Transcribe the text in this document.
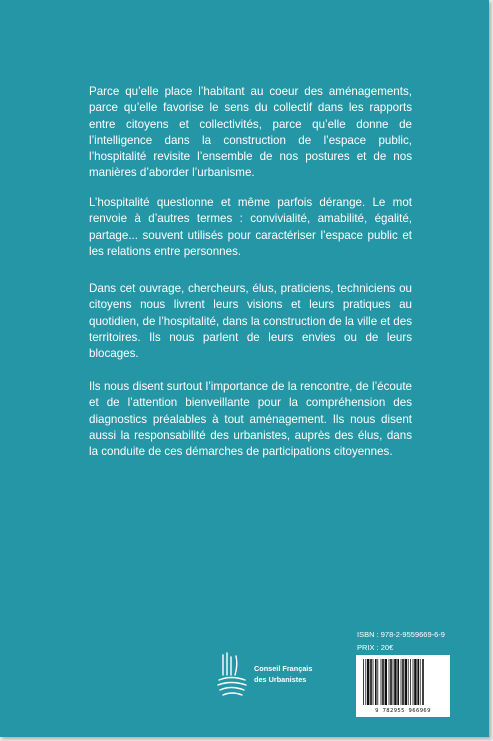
Parce qu’elle place l’habitant au coeur des aménagements, parce qu’elle favorise le sens du collectif dans les rapports entre citoyens et collectivités, parce qu’elle donne de l’intelligence dans la construction de l’espace public, l’hospitalité revisite l’ensemble de nos postures et de nos manières d’aborder l’urbanisme.

L’hospitalité questionne et même parfois dérange. Le mot renvoie à d’autres termes : convivialité, amabilité, égalité, partage... souvent utilisés pour caractériser l’espace public et les relations entre personnes.

Dans cet ouvrage, chercheurs, élus, praticiens, techniciens ou citoyens nous livrent leurs visions et leurs pratiques au quotidien, de l’hospitalité, dans la construction de la ville et des territoires. Ils nous parlent de leurs envies ou de leurs blocages.

Ils nous disent surtout l’importance de la rencontre, de l’écoute et de l’attention bienveillante pour la compréhension des diagnostics préalables à tout aménagement. Ils nous disent aussi la responsabilité des urbanistes, auprès des élus, dans la conduite de ces démarches de participations citoyennes.

ISBN : 978-2-9559669-6-9
PRIX : 20€
Conseil Français
des Urbanistes
9 782955 966969
